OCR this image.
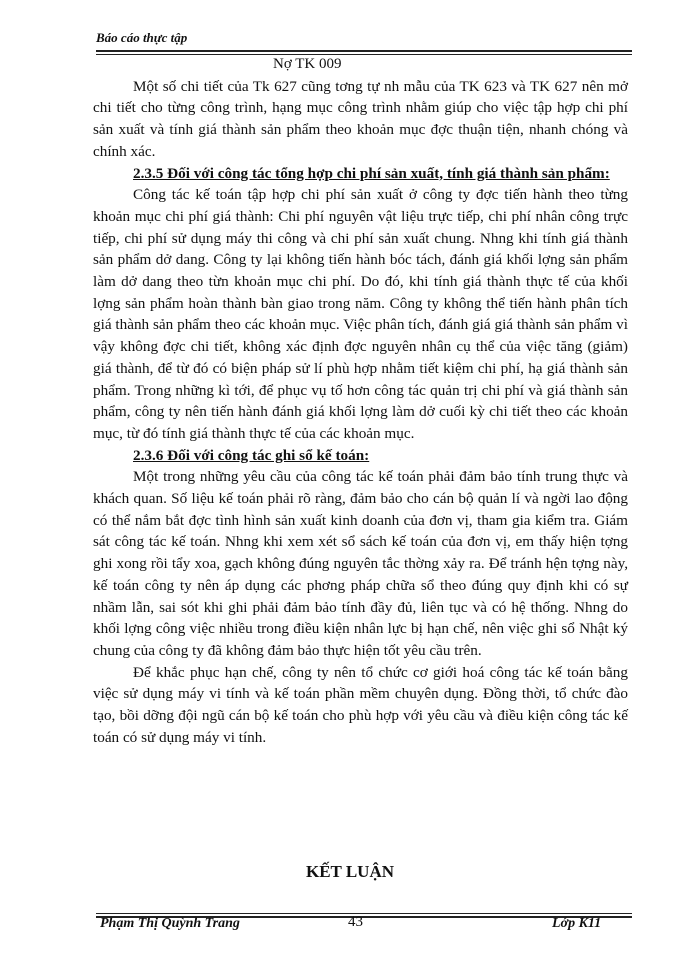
Báo cáo thực tập

Nợ TK 009

Một số chi tiết của Tk 627 cũng tơng tự nh mẫu của TK 623 và TK 627 nên mở chi tiết cho từng công trình, hạng mục công trình nhằm giúp cho việc tập hợp chi phí sản xuất và tính giá thành sản phẩm theo khoản mục đợc thuận tiện, nhanh chóng và chính xác.

2.3.5 Đối với công tác tổng hợp chi phí sản xuất, tính giá thành sản phẩm:

Công tác kế toán tập hợp chi phí sản xuất ở công ty đợc tiến hành theo từng khoản mục chi phí giá thành: Chi phí nguyên vật liệu trực tiếp, chi phí nhân công trực tiếp, chi phí sử dụng máy thi công và chi phí sản xuất chung. Nhng khi tính giá thành sản phẩm dở dang. Công ty lại không tiến hành bóc tách, đánh giá khối lợng sản phẩm làm dở dang theo từn khoản mục chi phí. Do đó, khi tính giá thành thực tế của khối lợng sản phẩm hoàn thành bàn giao trong năm. Công ty không thể tiến hành phân tích giá thành sản phẩm theo các khoản mục. Việc phân tích, đánh giá giá thành sản phẩm vì vậy không đợc chi tiết, không xác định đợc nguyên nhân cụ thể của việc tăng (giảm) giá thành, để từ đó có biện pháp sử lí phù hợp nhằm tiết kiệm chi phí, hạ giá thành sản phẩm. Trong những kì tới, để phục vụ tố hơn công tác quản trị chi phí và giá thành sản phẩm, công ty nên tiến hành đánh giá khối lợng làm dở cuối kỳ chi tiết theo các khoản mục, từ đó tính giá thành thực tế của các khoản mục.

2.3.6 Đối với công tác ghi sổ kế toán:

Một trong những yêu cầu của công tác kế toán phải đảm bảo tính trung thực và khách quan. Số liệu kế toán phải rõ ràng, đảm bảo cho cán bộ quản lí và ngời lao động có thể nắm bắt đợc tình hình sản xuất kinh doanh của đơn vị, tham gia kiểm tra. Giám sát công tác kế toán. Nhng khi xem xét sổ sách kế toán của đơn vị, em thấy hiện tợng ghi xong rồi tẩy xoa, gạch không đúng nguyên tắc thờng xảy ra. Để tránh hện tợng này, kế toán công ty nên áp dụng các phơng pháp chữa sổ theo đúng quy định khi có sự nhầm lẫn, sai sót khi ghi phải đảm bảo tính đầy đủ, liên tục và có hệ thống. Nhng do khối lợng công việc nhiều trong điều kiện nhân lực bị hạn chế, nên việc ghi sổ Nhật ký chung của công ty đã không đảm bảo thực hiện tốt yêu cầu trên.

Để khắc phục hạn chế, công ty nên tổ chức cơ giới hoá công tác kế toán bằng việc sử dụng máy vi tính và kế toán phần mềm chuyên dụng. Đồng thời, tổ chức đào tạo, bồi dỡng đội ngũ cán bộ kế toán cho phù hợp với yêu cầu và điều kiện công tác kế toán có sử dụng máy vi tính.

KẾT LUẬN
Phạm Thị Quỳnh Trang	43	Lớp K11
